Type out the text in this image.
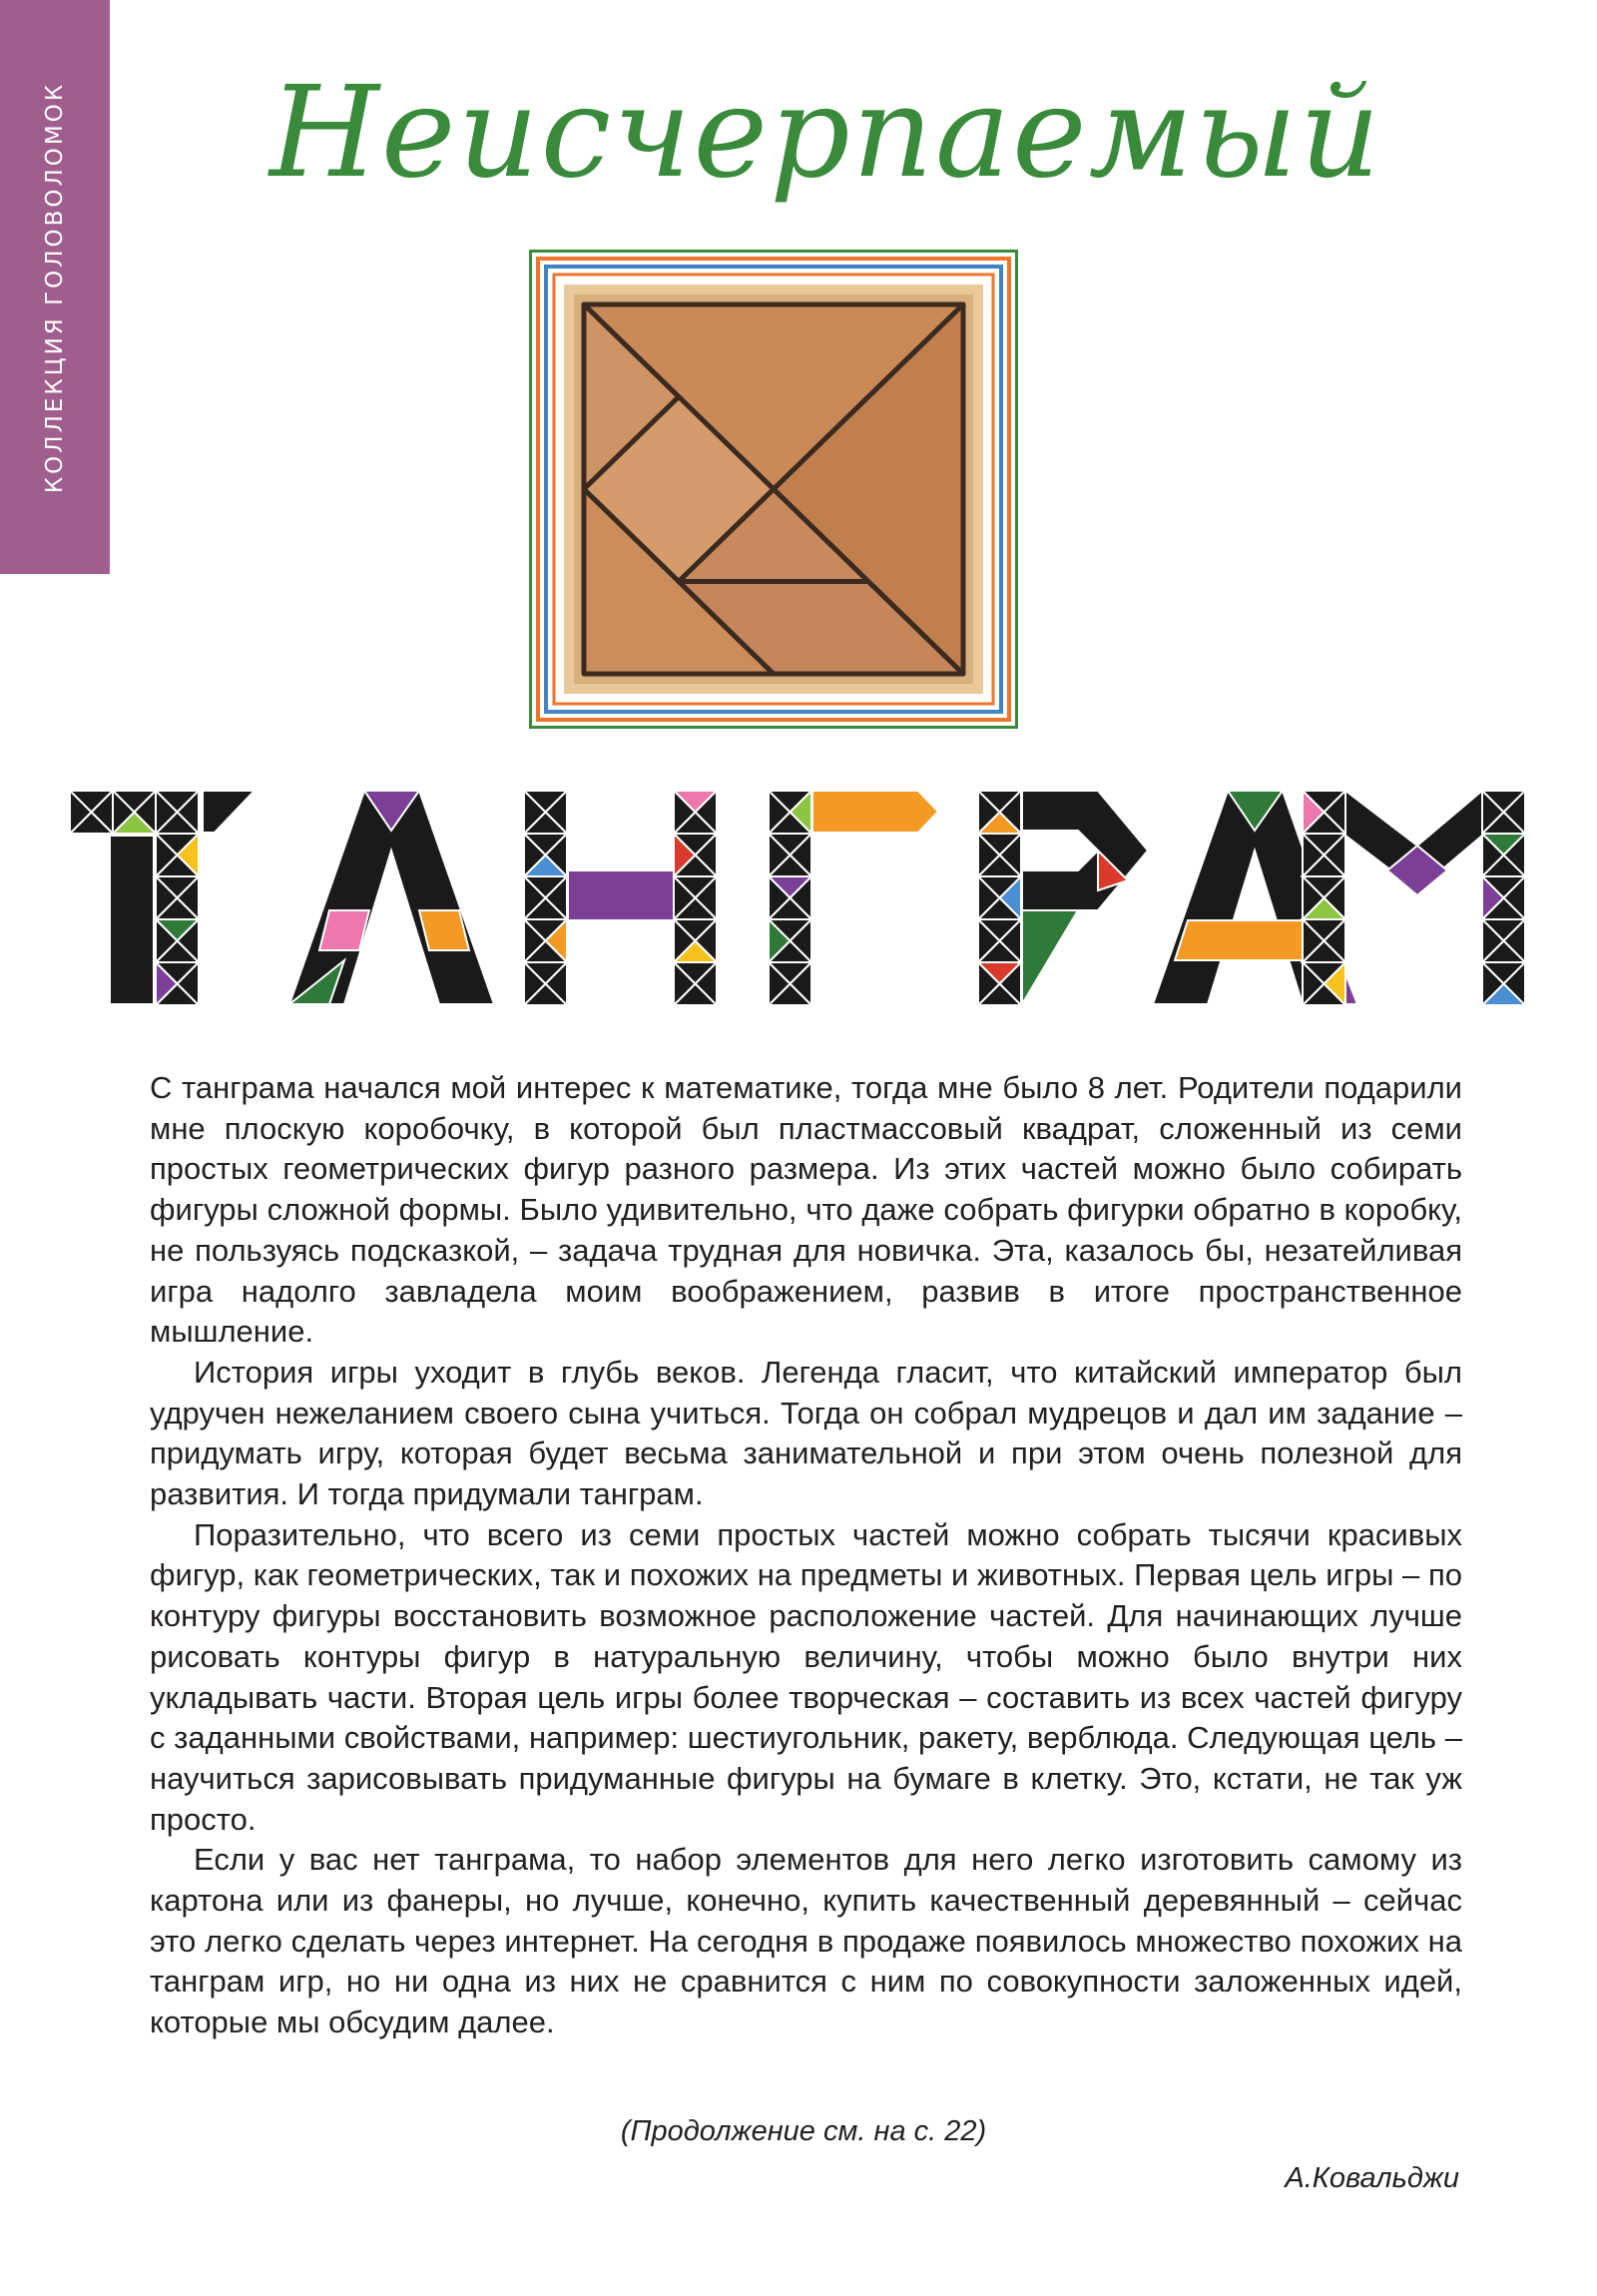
КОЛЛЕКЦИЯ ГОЛОВОЛОМОК Неисчерпаемый

С танграма начался мой интерес к математике, тогда мне было 8 лет. Родители подарили мне плоскую коробочку, в которой был пластмассовый квадрат, сложенный из семи простых геометрических фигур разного размера. Из этих частей можно было собирать фигуры сложной формы. Было удивительно, что даже собрать фигурки обратно в коробку, не пользуясь подсказкой, – задача трудная для новичка. Эта, казалось бы, незатейливая игра надолго завладела моим воображением, развив в итоге пространственное мышление.

История игры уходит в глубь веков. Легенда гласит, что китайский император был удручен нежеланием своего сына учиться. Тогда он собрал мудрецов и дал им задание – придумать игру, которая будет весьма занимательной и при этом очень полезной для развития. И тогда придумали танграм.

Поразительно, что всего из семи простых частей можно собрать тысячи красивых фигур, как геометрических, так и похожих на предметы и животных. Первая цель игры – по контуру фигуры восстановить возможное расположение частей. Для начинающих лучше рисовать контуры фигур в натуральную величину, чтобы можно было внутри них укладывать части. Вторая цель игры более творческая – составить из всех частей фигуру с заданными свойствами, например: шестиугольник, ракету, верблюда. Следующая цель – научиться зарисовывать придуманные фигуры на бумаге в клетку. Это, кстати, не так уж просто.

Если у вас нет танграма, то набор элементов для него легко изготовить самому из картона или из фанеры, но лучше, конечно, купить качественный деревянный – сейчас это легко сделать через интернет. На сегодня в продаже появилось множество похожих на танграм игр, но ни одна из них не сравнится с ним по совокупности заложенных идей, которые мы обсудим далее.

(Продолжение см. на с. 22)

А.Ковальджи
